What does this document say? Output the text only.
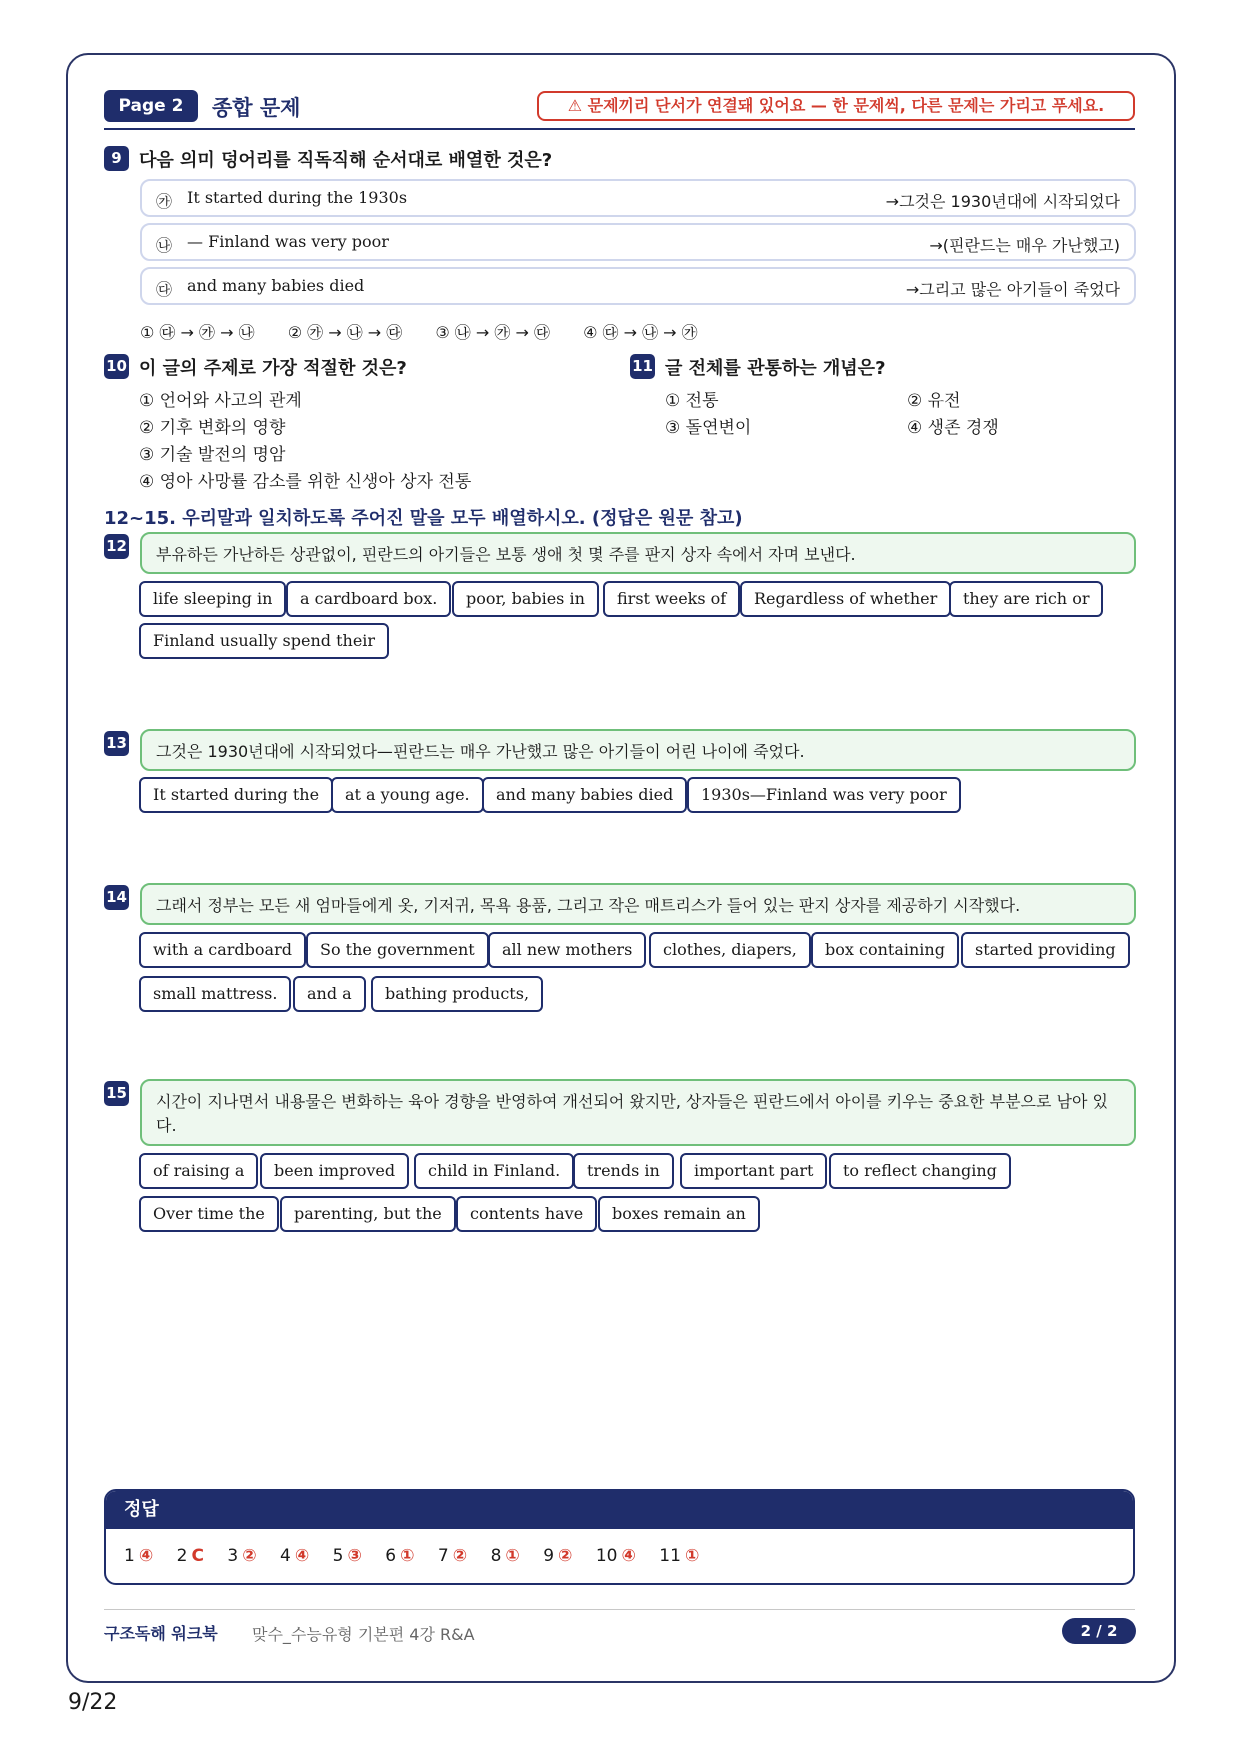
Page 2	종합 문제	⚠ 문제끼리 단서가 연결돼 있어요 — 한 문제씩, 다른 문제는 가리고 푸세요.
9 다음 의미 덩어리를 직독직해 순서대로 배열한 것은?
㉮ It started during the 1930s	→그것은 1930년대에 시작되었다
㉯ — Finland was very poor	→(핀란드는 매우 가난했고)
㉰ and many babies died	→그리고 많은 아기들이 죽었다
① ㉰ → ㉮ → ㉯ ② ㉮ → ㉯ → ㉰ ③ ㉯ → ㉮ → ㉰ ④ ㉰ → ㉯ → ㉮
10 이 글의 주제로 가장 적절한 것은?
① 언어와 사고의 관계
② 기후 변화의 영향
③ 기술 발전의 명암
④ 영아 사망률 감소를 위한 신생아 상자 전통
11 글 전체를 관통하는 개념은?
① 전통	② 유전
③ 돌연변이	④ 생존 경쟁
12~15. 우리말과 일치하도록 주어진 말을 모두 배열하시오. (정답은 원문 참고)
12	부유하든 가난하든 상관없이, 핀란드의 아기들은 보통 생애 첫 몇 주를 판지 상자 속에서 자며 보낸다.
life sleeping in	a cardboard box.	poor, babies in	first weeks of	Regardless of whether	they are rich or
Finland usually spend their
13	그것은 1930년대에 시작되었다—핀란드는 매우 가난했고 많은 아기들이 어린 나이에 죽었다.
It started during the	at a young age.	and many babies died	1930s—Finland was very poor
14	그래서 정부는 모든 새 엄마들에게 옷, 기저귀, 목욕 용품, 그리고 작은 매트리스가 들어 있는 판지 상자를 제공하기 시작했다.
with a cardboard	So the government	all new mothers	clothes, diapers,	box containing	started providing
small mattress.	and a	bathing products,
15	시간이 지나면서 내용물은 변화하는 육아 경향을 반영하여 개선되어 왔지만, 상자들은 핀란드에서 아이를 키우는 중요한 부분으로 남아 있다.
of raising a	been improved	child in Finland.	trends in	important part	to reflect changing
Over time the	parenting, but the	contents have	boxes remain an
정답
1 ④ 2 C 3 ② 4 ④ 5 ③ 6 ① 7 ② 8 ① 9 ② 10 ④ 11 ①
구조독해 워크북 맞수_수능유형 기본편 4강 R&A	2 / 2
9/22
